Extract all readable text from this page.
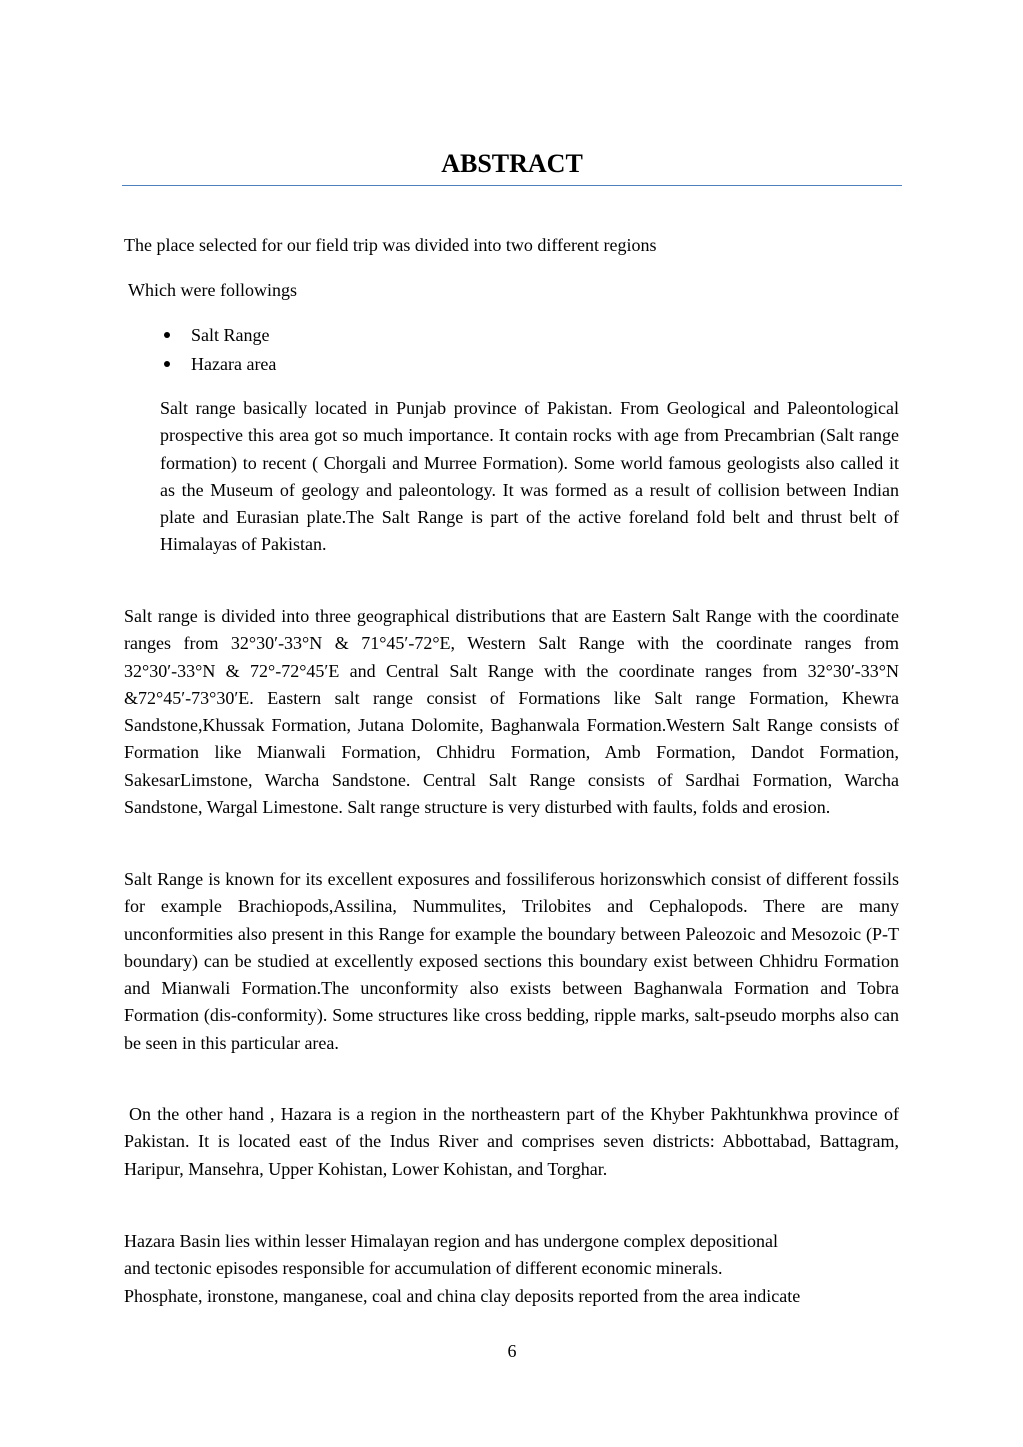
ABSTRACT
The place selected for our field trip was divided into two different regions
Which were followings
Salt Range
Hazara area

Salt range basically located in Punjab province of Pakistan. From Geological and Paleontological prospective this area got so much importance. It contain rocks with age from Precambrian (Salt range formation) to recent ( Chorgali and Murree Formation). Some world famous geologists also called it as the Museum of geology and paleontology. It was formed as a result of collision between Indian plate and Eurasian plate.The Salt Range is part of the active foreland fold belt and thrust belt of Himalayas of Pakistan.

Salt range is divided into three geographical distributions that are Eastern Salt Range with the coordinate ranges from 32°30′-33°N & 71°45′-72°E, Western Salt Range with the coordinate ranges from 32°30′-33°N & 72°-72°45′E and Central Salt Range with the coordinate ranges from 32°30′-33°N &72°45′-73°30′E. Eastern salt range consist of Formations like Salt range Formation, Khewra Sandstone,Khussak Formation, Jutana Dolomite, Baghanwala Formation.Western Salt Range consists of Formation like Mianwali Formation, Chhidru Formation, Amb Formation, Dandot Formation, SakesarLimstone, Warcha Sandstone. Central Salt Range consists of Sardhai Formation, Warcha Sandstone, Wargal Limestone. Salt range structure is very disturbed with faults, folds and erosion.

Salt Range is known for its excellent exposures and fossiliferous horizonswhich consist of different fossils for example Brachiopods,Assilina, Nummulites, Trilobites and Cephalopods. There are many unconformities also present in this Range for example the boundary between Paleozoic and Mesozoic (P-T boundary) can be studied at excellently exposed sections this boundary exist between Chhidru Formation and Mianwali Formation.The unconformity also exists between Baghanwala Formation and Tobra Formation (dis-conformity). Some structures like cross bedding, ripple marks, salt-pseudo morphs also can be seen in this particular area.

On the other hand , Hazara is a region in the northeastern part of the Khyber Pakhtunkhwa province of Pakistan. It is located east of the Indus River and comprises seven districts: Abbottabad, Battagram, Haripur, Mansehra, Upper Kohistan, Lower Kohistan, and Torghar.

Hazara Basin lies within lesser Himalayan region and has undergone complex depositional
and tectonic episodes responsible for accumulation of different economic minerals.
Phosphate, ironstone, manganese, coal and china clay deposits reported from the area indicate

6
